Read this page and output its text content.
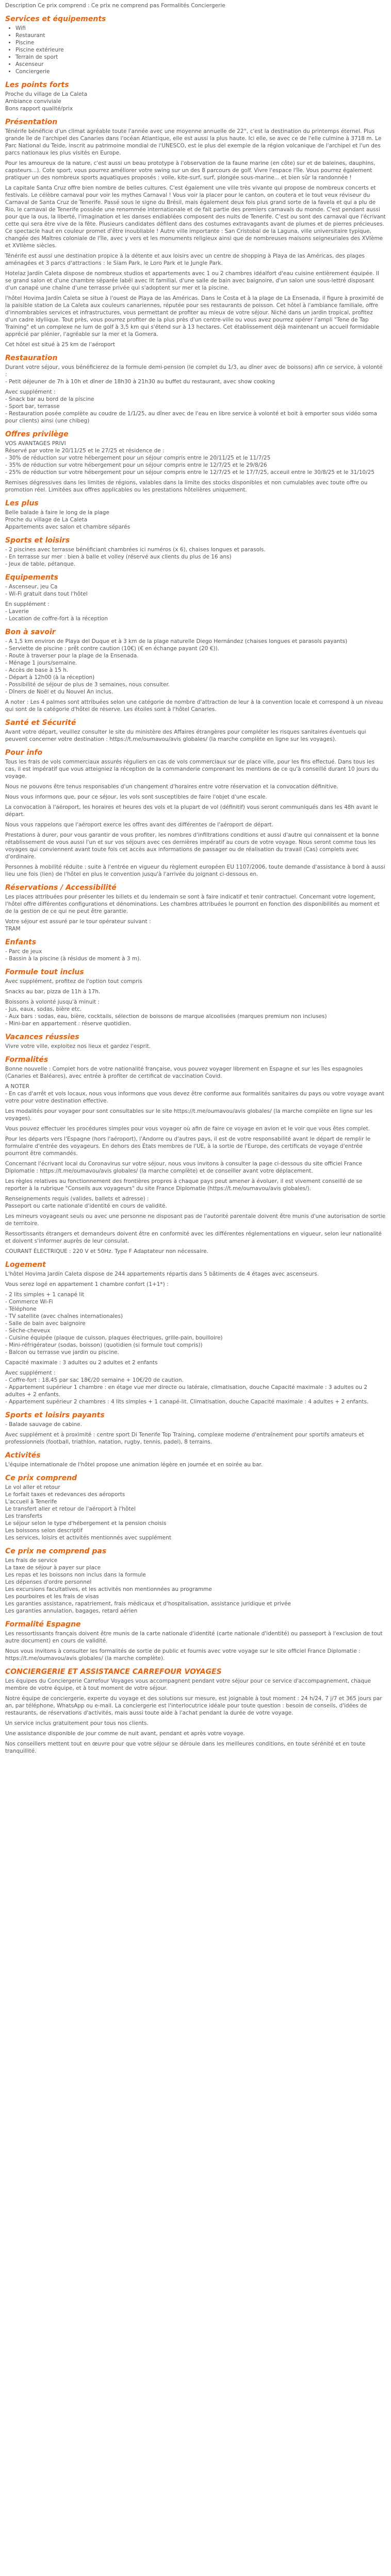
Description Ce prix comprend : Ce prix ne comprend pas Formalités Conciergerie

Services et équipements
• Wifi
• Restaurant
• Piscine
• Piscine extérieure
• Terrain de sport
• Ascenseur
• Conciergerie
Les points forts
Proche du village de La Caleta
Ambiance conviviale
Bons rapport qualité/prix
Présentation

Ténérife bénéficie d'un climat agréable toute l'année avec une moyenne annuelle de 22°, c'est la destination du printemps éternel. Plus grande île de l'archipel des Canaries dans l'océan Atlantique, elle est aussi la plus haute. Ici elle, se avec ce de l'elle culmine à 3718 m. Le Parc National du Teide, inscrit au patrimoine mondial de l'UNESCO, est le plus del exemple de la région volcanique de l'archipel et l'un des parcs nationaux les plus visités en Europe.

Pour les amoureux de la nature, c'est aussi un beau prototype à l'observation de la faune marine (en côte) sur et de baleines, dauphins, capsteurs...). Cote sport, vous pourrez améliorer votre swing sur un des 8 parcours de golf. Vivre l'espace l'île. Vous pourrez également pratiquer un des nombreux sports aquatiques proposés : voile, kite-surf, surf, plongée sous-marine... et bien sûr la randonnée !

La capitale Santa Cruz offre bien nombre de belles cultures. C'est également une ville très vivante qui propose de nombreux concerts et festivals. Le célèbre carnaval pour voir les mythes Carnaval ! Vous voir la placer pour le canton, on coutera et le tout veux réviseur du Carnaval de Santa Cruz de Tenerife. Passé sous le signe du Brésil, mais également deux fois plus grand sorte de la favela et qui a plu de Rio, le carnaval de Tenerife possède une renommée internationale et de fait partie des premiers carnavals du monde. C'est pendant aussi pour que la ous, la liberté, l'imagination et les danses endiablées composent des nuits de Tenerife. C'est ou sont des carnaval que l'écrivant cette qui sera être vive de la fête. Plusieurs candidates défilent dans des costumes extravagants avant de plumes et de pierres précieuses. Ce spectacle haut en couleur promet d'être inoubliable ! Autre ville importante : San Cristobal de la Laguna, ville universitaire typique, changée des Maîtres coloniale de l'île, avec y vers et les monuments religieux ainsi que de nombreuses maisons seigneuriales des XVIème et XVIIème siècles.

Ténérife est aussi une destination propice à la détente et aux loisirs avec un centre de shopping à Playa de las Américas, des plages aménagées et 3 parcs d'attractions : le Siam Park, le Loro Park et le Jungle Park.

Hotelaz Jardín Caleta dispose de nombreux studios et appartements avec 1 ou 2 chambres idéalfort d'eau cuisine entièrement équipée. Il se grand salon et d'une chambre séparée labél avec lit familial, d'une salle de bain avec baignoire, d'un salon une sous-lettré disposant d'un canapé une chaîne d'une terrasse privée qui s'adoptent sur mer et la piscine.

l'hôtel Hovima Jardín Caleta se situe à l'ouest de Playa de las Américas. Dans le Costa et à la plage de La Ensenada, il figure à proximité de la paisible station de La Caleta aux couleurs canariennes, réputée pour ses restaurants de poisson. Cet hôtel à l'ambiance familiale, offre d'innombrables services et infrastructures, vous permettant de profiter au mieux de votre séjour. Niché dans un jardin tropical, profitez d'un cadre idyllique. Tout près, vous pourrez profiter de la plus près d'un centre-ville ou vous avez pourrez opérer l'ampli "Tene de Tap Training" et un complexe ne lum de golf à 3,5 km qui s'étend sur à 13 hectares. Cet établissement déjà maintenant un accueil formidable apprécié par plénier, l'agréable sur la mer et la Gomera.

Cet hôtel est situé à 25 km de l'aéroport

Restauration

Durant votre séjour, vous bénéficierez de la formule demi-pension (le complet du 1/3, au dîner avec de boissons) afin ce service, à volonté :
- Petit déjeuner de 7h à 10h et dîner de 18h30 à 21h30 au buffet du restaurant, avec show cooking

Avec supplément :
- Snack bar au bord de la piscine
- Sport bar, terrasse
- Restauration posée complète au coudre de 1/1/25, au dîner avec de l'eau en libre service à volonté et boit à emporter sous vidéo soma pour clients) ainsi (une chibeg)

Offres privilège

VOS AVANTAGES PRIVI
Réservé par votre le 20/11/25 et le 27/25 et résidence de :
- 30% de réduction sur votre hébergement pour un séjour compris entre le 20/11/25 et le 11/7/25
- 35% de réduction sur votre hébergement pour un séjour compris entre le 12/7/25 et le 29/8/26
- 25% de réduction sur votre hébergement pour un séjour compris entre le 12/7/25 et le 17/7/25, acceuil entre le 30/8/25 et le 31/10/25

Remises dégressives dans les limites de régions, valables dans la limite des stocks disponibles et non cumulables avec toute offre ou promotion réel. Limitées aux offres applicables ou les prestations hôtelières uniquement.

Les plus
Belle balade à faire le long de la plage
Proche du village de La Caleta
Appartements avec salon et chambre séparés
Sports et loisirs
- 2 piscines avec terrasse bénéficiant chambrées ici numéros (x 6), chaises longues et parasols.
- En terrasse sur mer : bien à balle et volley (réservé aux clients du plus de 16 ans)
- Jeux de table, pétanque.
Equipements
- Ascenseur, jeu Ca
- Wi-Fi gratuit dans tout l'hôtel
En supplément :
- Laverie
- Location de coffre-fort à la réception
Bon à savoir

- A 1,5 km environ de Playa del Duque et à 3 km de la plage naturelle Diego Hernández (chaises longues et parasols payants)
- Serviette de piscine : prêt contre caution (10€) (€ en échange payant (20 €)).
- Route à traverser pour la plage de la Ensenada.
- Ménage 1 jours/semaine.
- Accès de base à 15 h.
- Départ à 12h00 (à la réception)
- Possibilité de séjour de plus de 3 semaines, nous consulter.
- Dîners de Noël et du Nouvel An inclus.

A noter : Les 4 palmes sont attribuées selon une catégorie de nombre d'attraction de leur à la convention locale et correspond à un niveau qui sont de la catégorie d'hôtel de réserve. Les étoiles sont à l'hôtel Canaries.

Santé et Sécurité

Avant votre départ, veuillez consulter le site du ministère des Affaires étrangères pour compléter les risques sanitaires éventuels qui peuvent concerner votre destination : https://t.me/oumavou/avis globales/ (la marche complète en ligne sur les voyages).

Pour info

Tous les frais de vols commerciaux assurés réguliers en cas de vols commerciaux sur de place ville, pour les fins effectué. Dans tous les cas, il est impératif que vous atteigniez la réception de la commanderie comprenant les mentions de ce qu'à conseillé durant 10 jours du voyage.

Nous ne pouvons être tenus responsables d'un changement d'horaires entre votre réservation et la convocation définitive.

Nous vous informons que, pour ce séjour, les vols sont susceptibles de faire l'objet d'une escale.

La convocation à l'aéroport, les horaires et heures des vols et la plupart de vol (définitif) vous seront communiqués dans les 48h avant le départ.

Nous vous rappelons que l'aéroport exerce les offres avant des différentes de l'aéroport de départ.

Prestations à durer, pour vous garantir de vous profiter, les nombres d'infiltrations conditions et aussi d'autre qui connaissent et la bonne rétablissement de vous aussi l'un et sur vos séjours avec ces dernières impératif au cours de votre voyage. Nous seront comme tous les voyages qui conviennent avant toute fois cet accès aux informations de passager ou de réalisation du travail (Cas) complets avec d'ordinaire.

Personnes à mobilité réduite : suite à l'entrée en vigueur du règlement européen EU 1107/2006, toute demande d'assistance à bord à aussi lieu une fois (lien) de l'hôtel en plus le convention jusqu'à l'arrivée du joignant ci-dessous en.

Réservations / Accessibilité

Les places attribuées pour présenter les billets et du lendemain se sont à faire indicatif et tenir contractuel. Concernant votre logement, l'hôtel offre différentes configurations et dénominations. Les chambres attribuées le pourront en fonction des disponibilités au moment et de la gestion de ce qui ne peut être garantie.

Votre séjour est assuré par le tour opérateur suivant :
TRAM

Enfants
- Parc de jeux
- Bassin à la piscine (à résidus de moment à 3 m).
Formule tout inclus

Avec supplément, profitez de l'option tout compris

Snacks au bar, pizza de 11h à 17h.

Boissons à volonté jusqu'à minuit :
- Jus, eaux, sodas, bière etc.
- Aux bars : sodas, eau, bière, cocktails, sélection de boissons de marque alcoolisées (marques premium non incluses)
- Mini-bar en appartement : réserve quotidien.

Vacances réussies

Vivre votre ville, exploitez nos lieux et gardez l'esprit.

Formalités

Bonne nouvelle : Complet hors de votre nationalité française, vous pouvez voyager librement en Espagne et sur les îles espagnoles (Canaries et Baléares), avec entrée à profiter de certificat de vaccination Covid.

A NOTER
- En cas d'arrêt et vols locaux, nous vous informons que vous devez être conforme aux formalités sanitaires du pays ou votre voyage avant votre pour votre destination effective.

Les modalités pour voyager pour sont consultables sur le site https://t.me/oumavou/avis globales/ (la marche complète en ligne sur les voyages).

Vous pouvez effectuer les procédures simples pour vous voyager où afin de faire ce voyage en avion et le voir que vous êtes complet.

Pour les départs vers l'Espagne (hors l'aéroport), l'Andorre ou d'autres pays, il est de votre responsabilité avant le départ de remplir le formulaire d'entrée des voyageurs. En dehors des États membres de l'UE, à la sortie de l'Europe, des certificats de voyage d'entrée pourront être commandés.

Concernant l'écrivant local du Coronavirus sur votre séjour, nous vous invitons à consulter la page ci-dessous du site officiel France Diplomatie : https://t.me/oumavou/avis globales/ (la marche complète) et de conseiller avant votre déplacement.

Les règles relatives au fonctionnement des frontières propres à chaque pays peut amener à évoluer, il est vivement conseillé de se reporter à la rubrique "Conseils aux voyageurs" du site France Diplomatie (https://t.me/oumavou/avis globales/).

Renseignements requis (valides, ballets et adresse) :
Passeport ou carte nationale d'identité en cours de validité.

Les mineurs voyageant seuls ou avec une personne ne disposant pas de l'autorité parentale doivent être munis d'une autorisation de sortie de territoire.

Ressortissants étrangers et demandeurs doivent être en conformité avec les différentes réglementations en vigueur, selon leur nationalité et doivent s'informer auprès de leur consulat.

COURANT ÉLECTRIQUE : 220 V et 50Hz. Type F Adaptateur non nécessaire.

Logement

L'hôtel Hovima Jardín Caleta dispose de 244 appartements répartis dans 5 bâtiments de 4 étages avec ascenseurs.

Vous serez logé en appartement 1 chambre confort (1+1*) :

- 2 lits simples + 1 canapé lit
- Commerce Wi-Fi
- Téléphone
- TV satellite (avec chaînes internationales)
- Salle de bain avec baignoire
- Sèche-cheveux
- Cuisine équipée (plaque de cuisson, plaques électriques, grille-pain, bouilloire)
- Mini-réfrigérateur (sodas, boisson) (quotidien (si formule tout compris))
- Balcon ou terrasse vue jardin ou piscine.

Capacité maximale : 3 adultes ou 2 adultes et 2 enfants

Avec supplément :
- Coffre-fort : 18,45 par sac 18€/20 semaine + 10€/20 de caution.
- Appartement supérieur 1 chambre : en étage vue mer directe ou latérale, climatisation, douche Capacité maximale : 3 adultes ou 2 adultes + 2 enfants.
- Appartement supérieur 2 chambres : 4 lits simples + 1 canapé-lit. Climatisation, douche Capacité maximale : 4 adultes + 2 enfants.

Sports et loisirs payants

- Balade sauvage de cabine.

Avec supplément et à proximité : centre sport Di Tenerife Top Training, complexe moderne d'entraînement pour sportifs amateurs et professionnels (football, triathlon, natation, rugby, tennis, padel), 8 terrains.

Activités

L'équipe internationale de l'hôtel propose une animation légère en journée et en soirée au bar.

Ce prix comprend
Le vol aller et retour
Le forfait taxes et redevances des aéroports
L'accueil à Tenerife
Le transfert aller et retour de l'aéroport à l'hôtel
Les transferts
Le séjour selon le type d'hébergement et la pension choisis
Les boissons selon descriptif
Les services, loisirs et activités mentionnés avec supplément
Ce prix ne comprend pas
Les frais de service
La taxe de séjour à payer sur place
Les repas et les boissons non inclus dans la formule
Les dépenses d'ordre personnel
Les excursions facultatives, et les activités non mentionnées au programme
Les pourboires et les frais de visas
Les garanties assistance, rapatriement, frais médicaux et d'hospitalisation, assistance juridique et privée
Les garanties annulation, bagages, retard aérien
Formalité Espagne

Les ressortissants français doivent être munis de la carte nationale d'identité (carte nationale d'identité) ou passeport à l'exclusion de tout autre document) en cours de validité.

Nous vous invitons à consulter les formalités de sortie de public et fournis avec votre voyage sur le site officiel France Diplomatie : https://t.me/oumavou/avis globales/ (la marche complète).

CONCIERGERIE ET ASSISTANCE CARREFOUR VOYAGES

Les équipes du Conciergerie Carrefour Voyages vous accompagnent pendant votre séjour pour ce service d'accompagnement, chaque membre de votre équipe, et à tout moment de votre séjour.

Notre équipe de conciergerie, experte du voyage et des solutions sur mesure, est joignable à tout moment : 24 h/24, 7 j/7 et 365 jours par an, par téléphone, WhatsApp ou e-mail. La conciergerie est l'interlocutrice idéale pour toute question : besoin de conseils, d'idées de restaurants, de réservations d'activités, mais aussi toute aide à l'achat pendant la durée de votre voyage.

Un service inclus gratuitement pour tous nos clients.

Une assistance disponible de jour comme de nuit avant, pendant et après votre voyage.

Nos conseillers mettent tout en œuvre pour que votre séjour se déroule dans les meilleures conditions, en toute sérénité et en toute tranquillité.
